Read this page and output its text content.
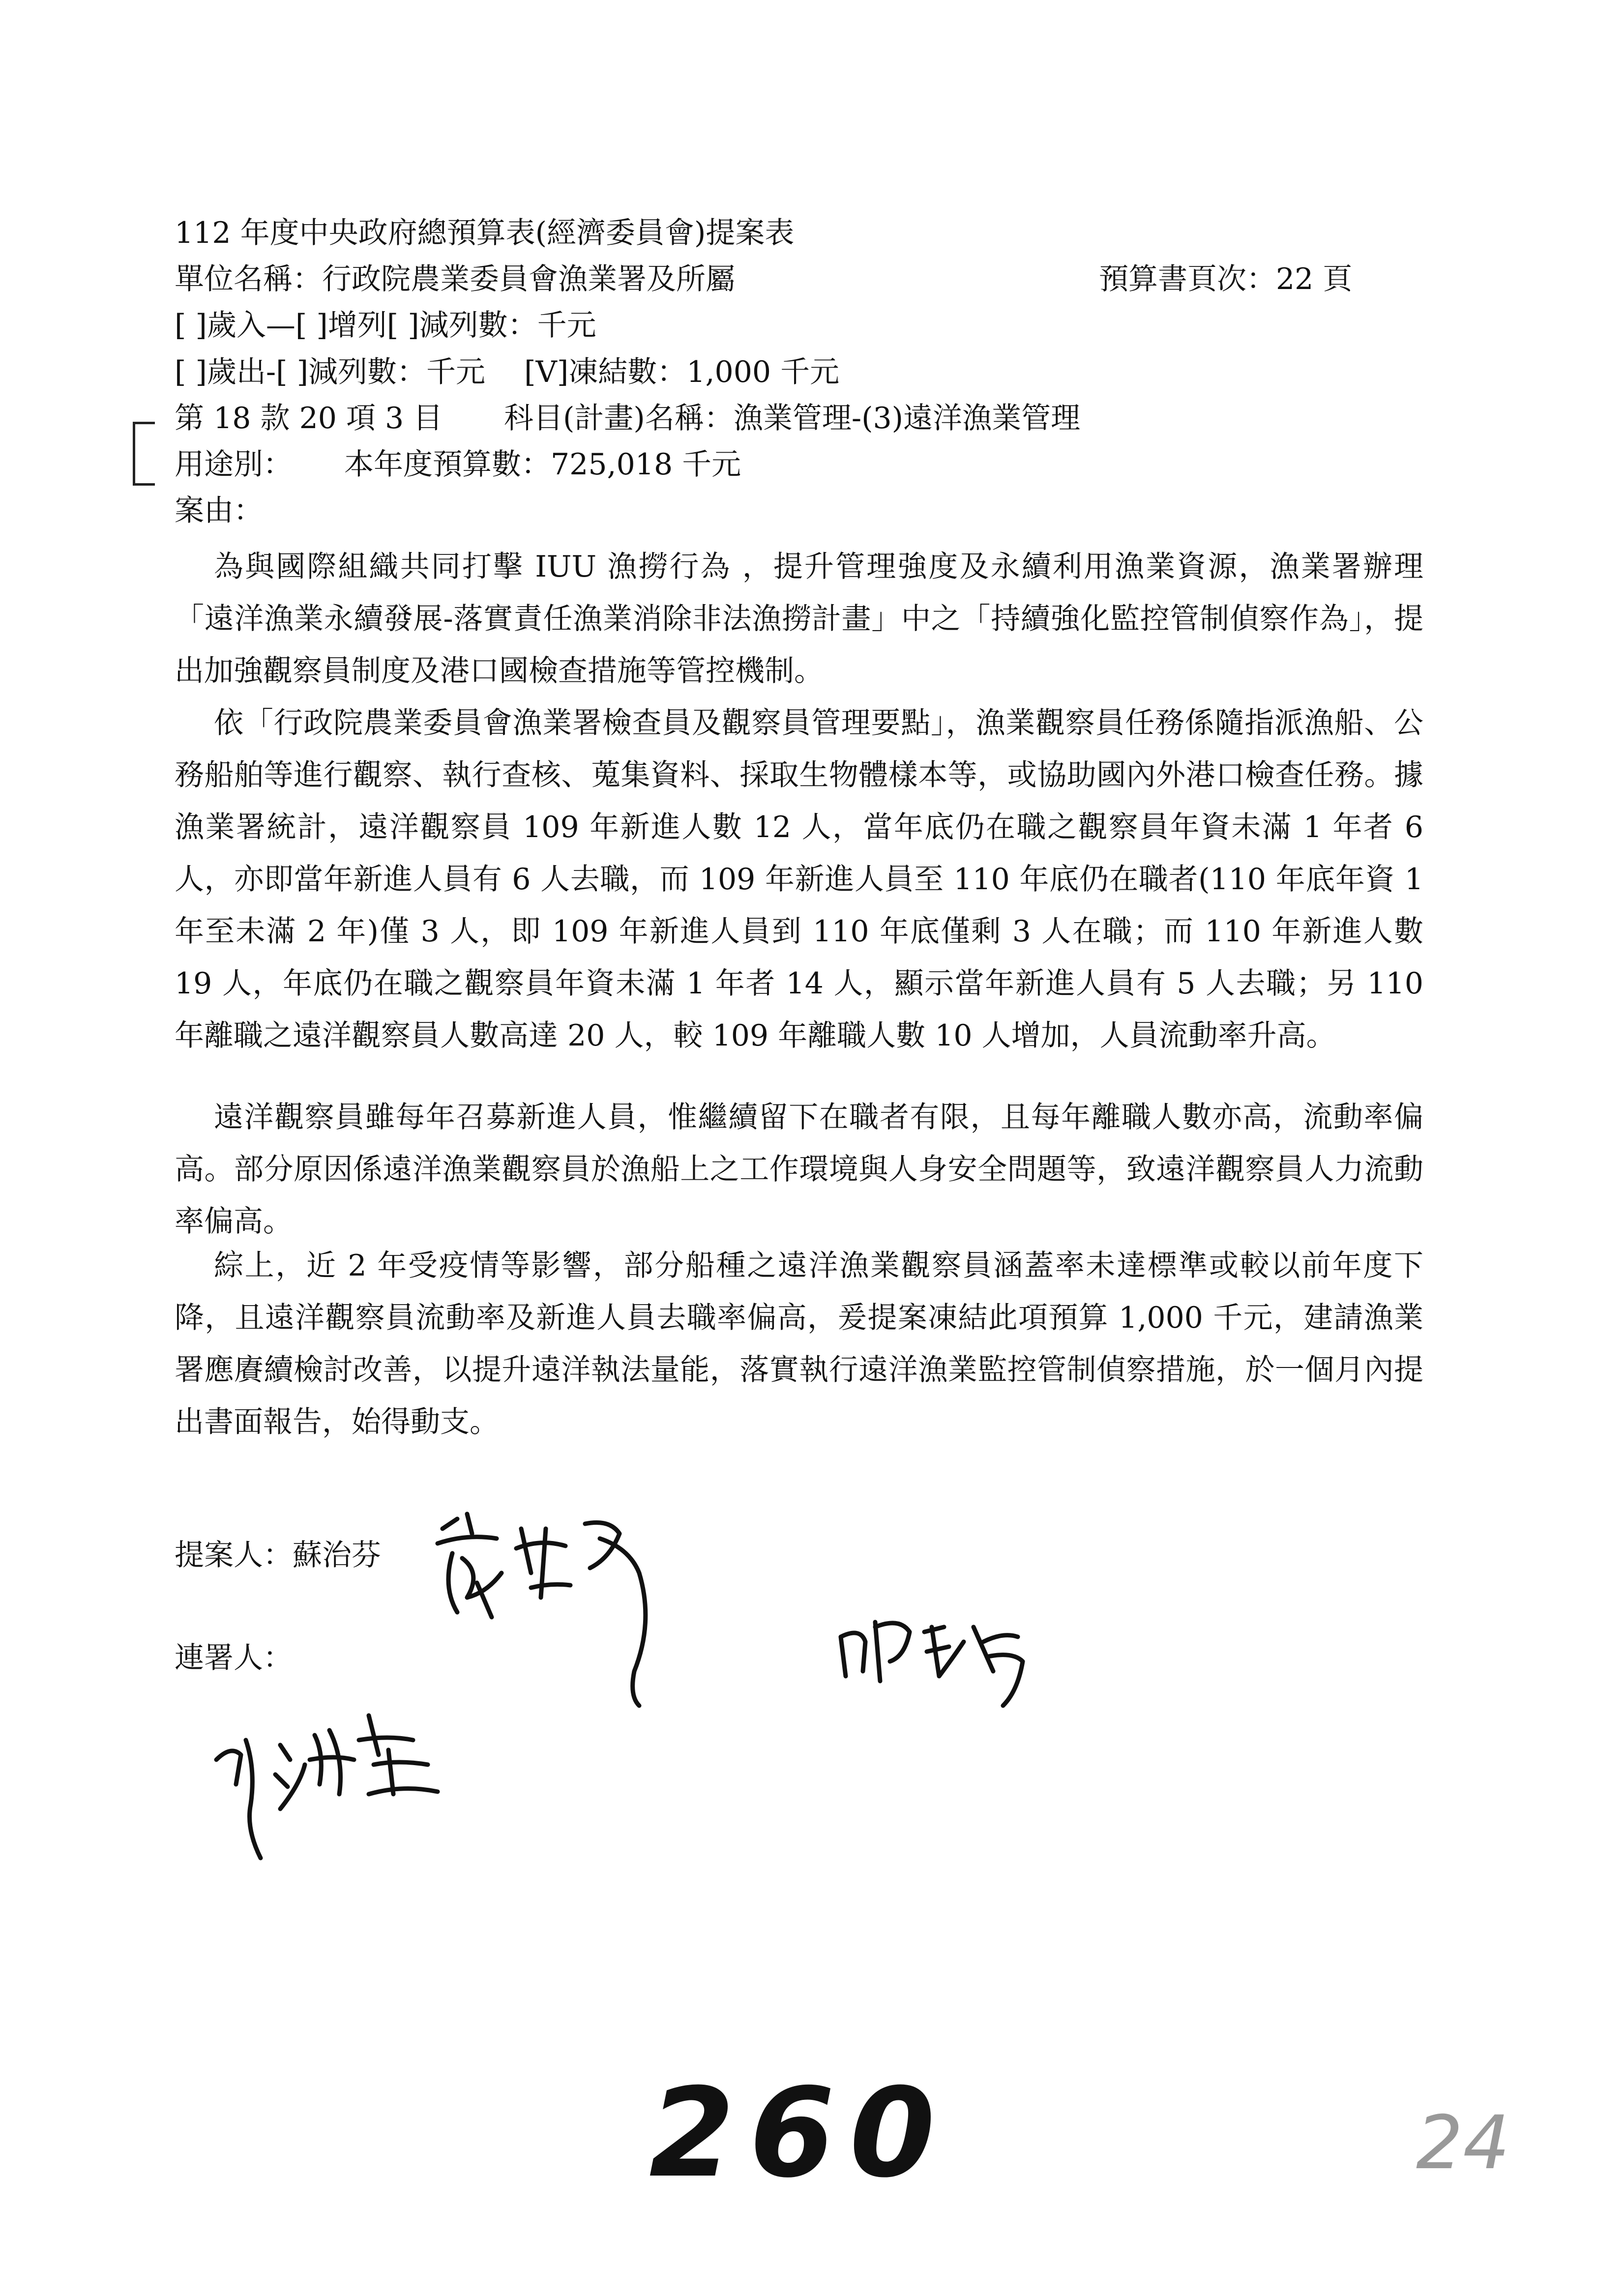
112 年度中央政府總預算表(經濟委員會)提案表
單位名稱：行政院農業委員會漁業署及所屬	預算書頁次：22 頁
[ ]歲入—[ ]增列[ ]減列數：千元
[ ]歲出-[ ]減列數：千元　 [V]凍結數：1,000 千元
第 18 款 20 項 3 目 科目(計畫)名稱：漁業管理-(3)遠洋漁業管理
用途別： 本年度預算數：725,018 千元
案由：

為與國際組織共同打擊 IUU 漁撈行為 ，提升管理強度及永續利用漁業資源，漁業署辦理「遠洋漁業永續發展-落實責任漁業消除非法漁撈計畫」中之「持續強化監控管制偵察作為」，提出加強觀察員制度及港口國檢查措施等管控機制。

依「行政院農業委員會漁業署檢查員及觀察員管理要點」，漁業觀察員任務係隨指派漁船、公務船舶等進行觀察、執行查核、蒐集資料、採取生物體樣本等，或協助國內外港口檢查任務。據漁業署統計，遠洋觀察員 109 年新進人數 12 人，當年底仍在職之觀察員年資未滿 1 年者 6 人，亦即當年新進人員有 6 人去職，而 109 年新進人員至 110 年底仍在職者(110 年底年資 1 年至未滿 2 年)僅 3 人，即 109 年新進人員到 110 年底僅剩 3 人在職；而 110 年新進人數 19 人，年底仍在職之觀察員年資未滿 1 年者 14 人，顯示當年新進人員有 5 人去職；另 110 年離職之遠洋觀察員人數高達 20 人，較 109 年離職人數 10 人增加，人員流動率升高。

遠洋觀察員雖每年召募新進人員，惟繼續留下在職者有限，且每年離職人數亦高，流動率偏高。部分原因係遠洋漁業觀察員於漁船上之工作環境與人身安全問題等，致遠洋觀察員人力流動率偏高。

綜上，近 2 年受疫情等影響，部分船種之遠洋漁業觀察員涵蓋率未達標準或較以前年度下降，且遠洋觀察員流動率及新進人員去職率偏高，爰提案凍結此項預算 1,000 千元，建請漁業署應賡續檢討改善，以提升遠洋執法量能，落實執行遠洋漁業監控管制偵察措施，於一個月內提出書面報告，始得動支。

提案人：蘇治芬
連署人：
260	24
